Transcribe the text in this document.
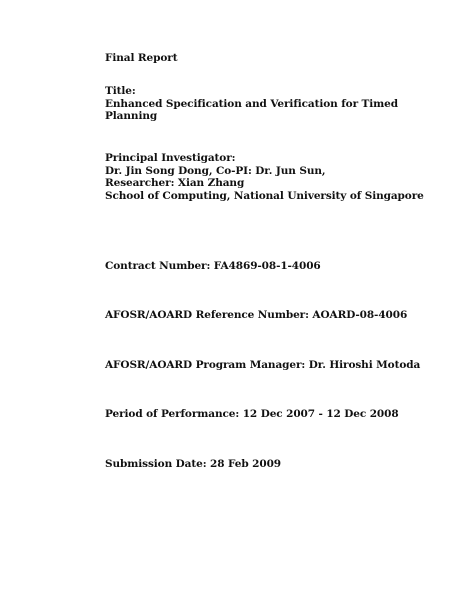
Final Report
Title:
Enhanced Specification and Verification for Timed
Planning
Principal Investigator:
Dr. Jin Song Dong, Co-PI: Dr. Jun Sun,
Researcher: Xian Zhang
School of Computing, National University of Singapore
Contract Number: FA4869-08-1-4006
AFOSR/AOARD Reference Number: AOARD-08-4006
AFOSR/AOARD Program Manager: Dr. Hiroshi Motoda
Period of Performance: 12 Dec 2007 - 12 Dec 2008
Submission Date: 28 Feb 2009
